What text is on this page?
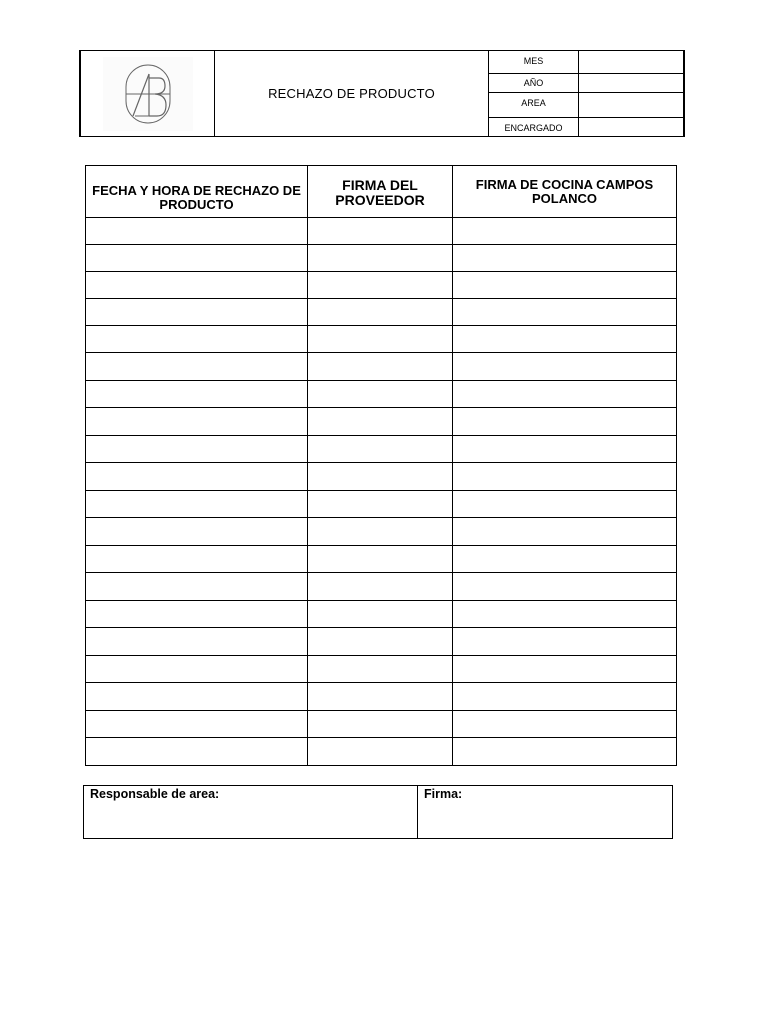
RECHAZO DE PRODUCTO
MES
AÑO
AREA
ENCARGADO
FECHA Y HORA DE RECHAZO DE PRODUCTO	FIRMA DEL PROVEEDOR	FIRMA DE COCINA CAMPOS POLANCO

Responsable de area:	Firma:
